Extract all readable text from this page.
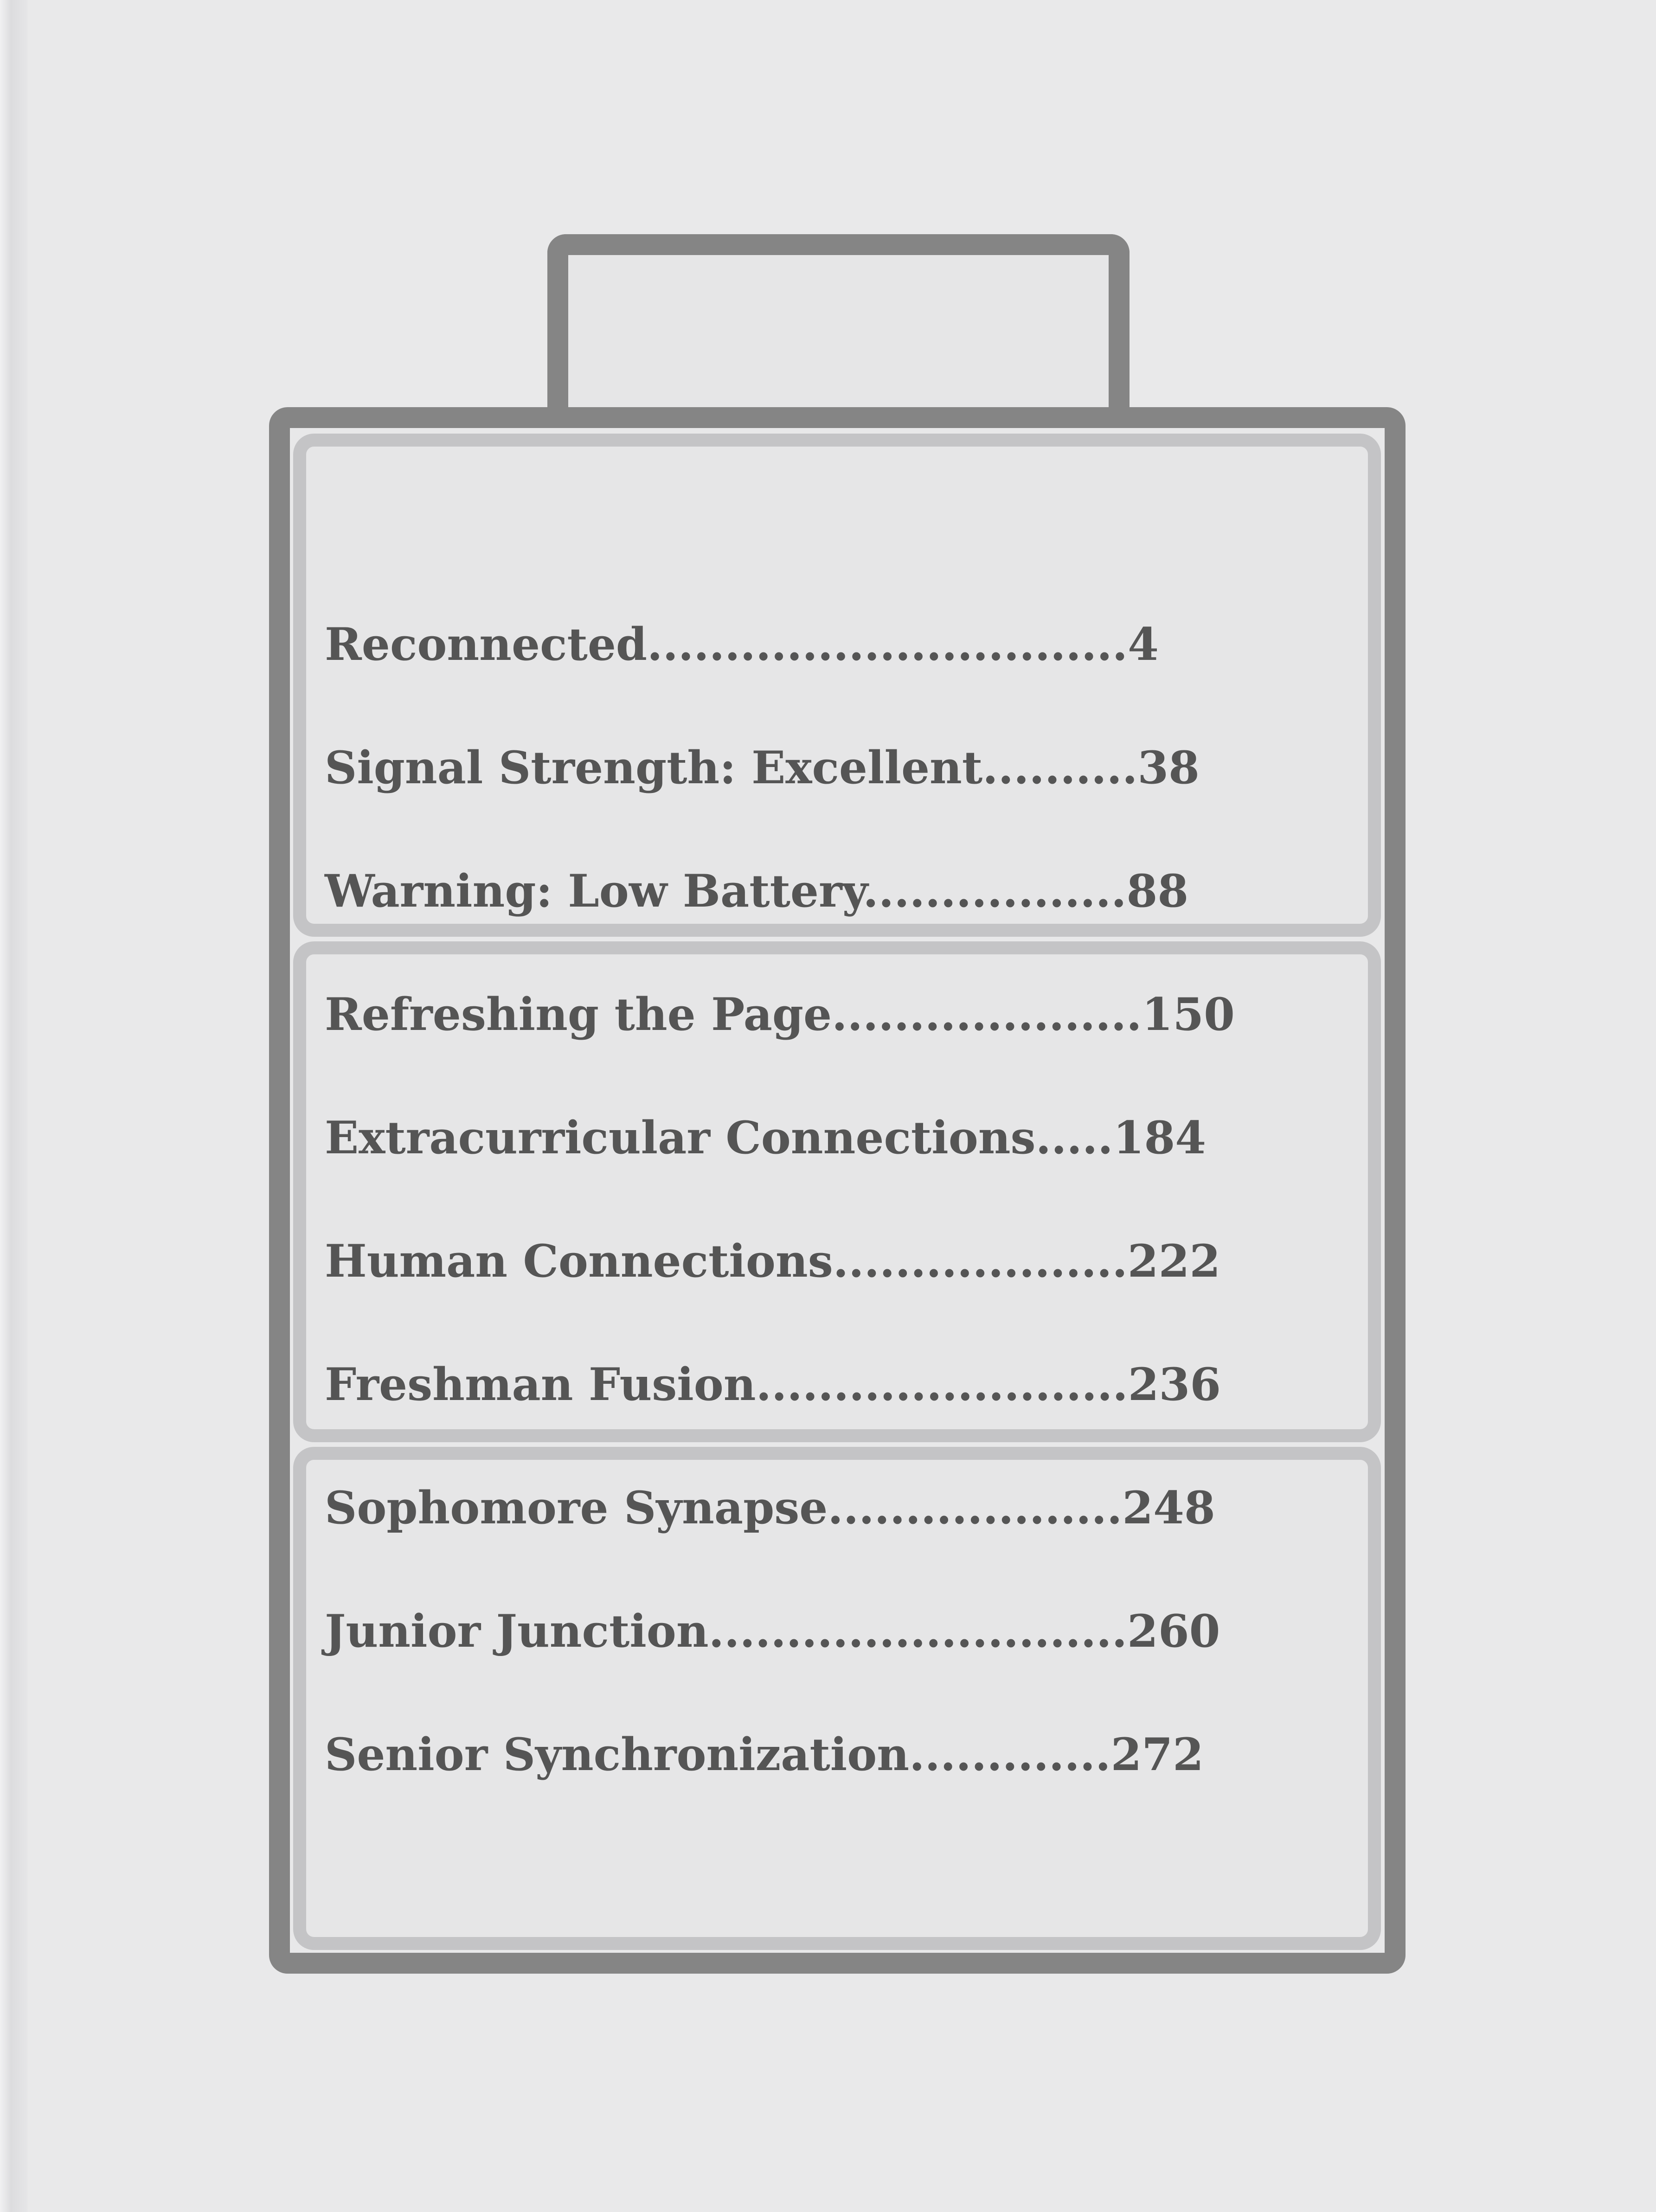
Reconnected...............................4
Signal Strength: Excellent..........38
Warning: Low Battery.................88
Refreshing the Page....................150
Extracurricular Connections.....184
Human Connections...................222
Freshman Fusion........................236
Sophomore Synapse...................248
Junior Junction...........................260
Senior Synchronization.............272
